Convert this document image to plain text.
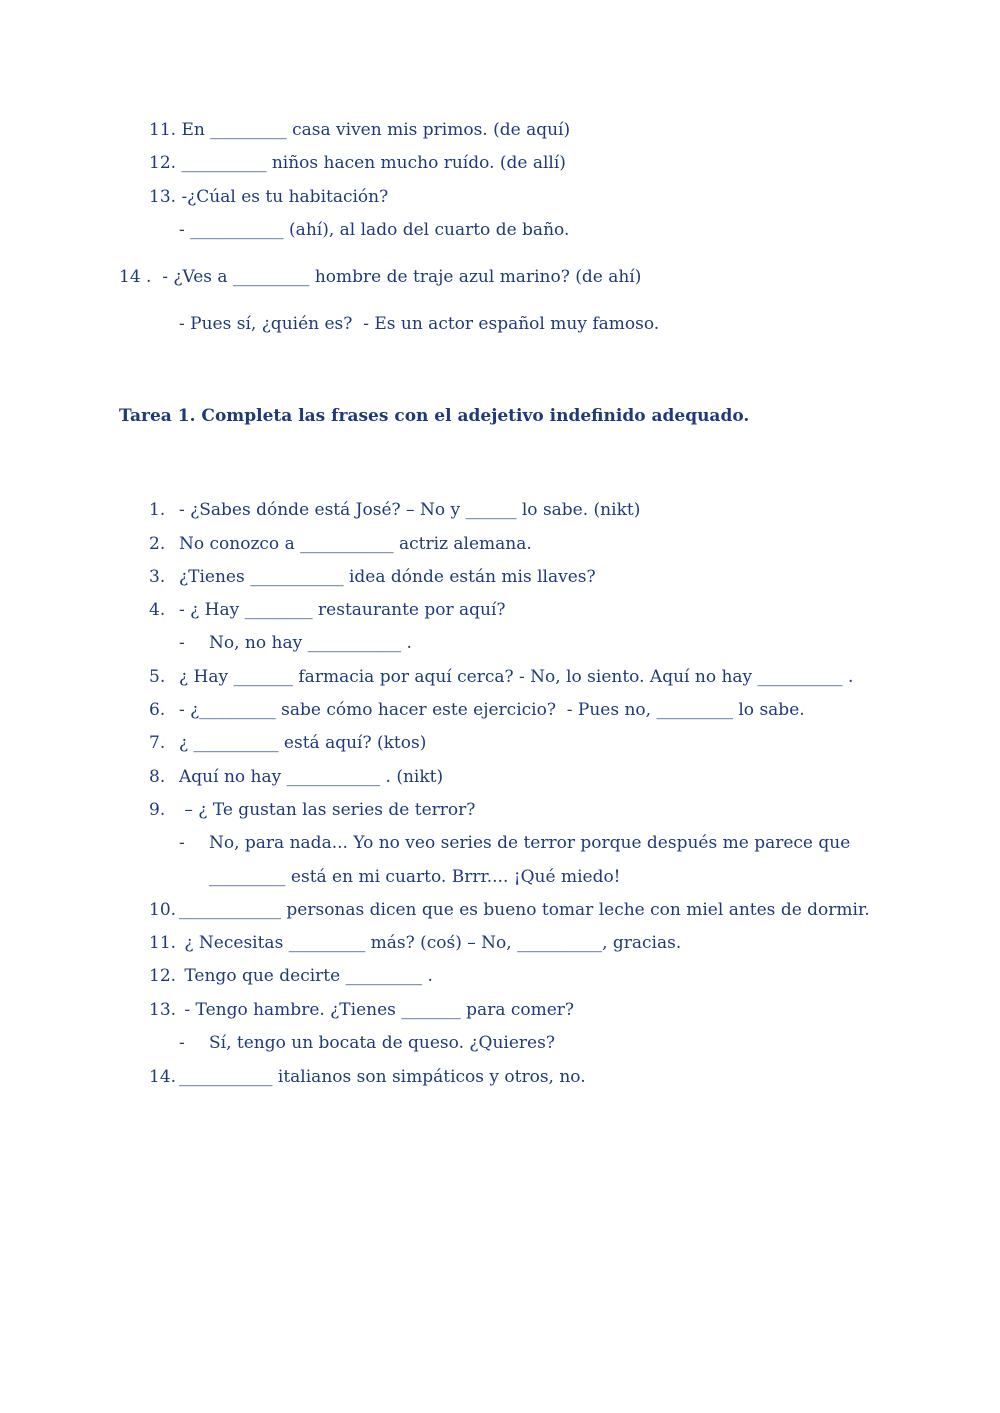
11. En _________ casa viven mis primos. (de aquí)
12. __________ niños hacen mucho ruído. (de allí)
13. -¿Cúal es tu habitación?
- ___________ (ahí), al lado del cuarto de baño.
14 .  - ¿Ves a _________ hombre de traje azul marino? (de ahí)
- Pues sí, ¿quién es?  - Es un actor español muy famoso.
Tarea 1. Completa las frases con el adejetivo indefinido adequado.
1. - ¿Sabes dónde está José? – No y ______ lo sabe. (nikt)
2. No conozco a ___________ actriz alemana.
3. ¿Tienes ___________ idea dónde están mis llaves?
4. - ¿ Hay ________ restaurante por aquí?
- No, no hay ___________ .
5. ¿ Hay _______ farmacia por aquí cerca? - No, lo siento. Aquí no hay __________ .
6. - ¿_________ sabe cómo hacer este ejercicio?  - Pues no, _________ lo sabe.
7. ¿ __________ está aquí? (ktos)
8. Aquí no hay ___________ . (nikt)
9. – ¿ Te gustan las series de terror?
- No, para nada... Yo no veo series de terror porque después me parece que
_________ está en mi cuarto. Brrr.... ¡Qué miedo!
10. ____________ personas dicen que es bueno tomar leche con miel antes de dormir.
11. ¿ Necesitas _________ más? (coś) – No, __________, gracias.
12. Tengo que decirte _________ .
13. - Tengo hambre. ¿Tienes _______ para comer?
- Sí, tengo un bocata de queso. ¿Quieres?
14. ___________ italianos son simpáticos y otros, no.
